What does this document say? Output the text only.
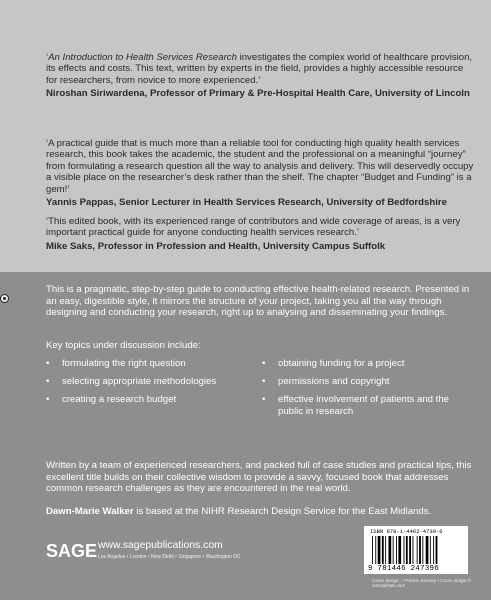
‘An Introduction to Health Services Research investigates the complex world of healthcare provision, its effects and costs. This text, written by experts in the field, provides a highly accessible resource for researchers, from novice to more experienced.’

Niroshan Siriwardena, Professor of Primary & Pre-Hospital Health Care, University of Lincoln

‘A practical guide that is much more than a reliable tool for conducting high quality health services research, this book takes the academic, the student and the professional on a meaningful “journey” from formulating a research question all the way to analysis and delivery. This will deservedly occupy a visible place on the researcher’s desk rather than the shelf. The chapter “Budget and Funding” is a gem!’

Yannis Pappas, Senior Lecturer in Health Services Research, University of Bedfordshire

‘This edited book, with its experienced range of contributors and wide coverage of areas, is a very important practical guide for anyone conducting health services research.’

Mike Saks, Professor in Profession and Health, University Campus Suffolk

This is a pragmatic, step-by-step guide to conducting effective health-related research. Presented in an easy, digestible style, it mirrors the structure of your project, taking you all the way through designing and conducting your research, right up to analysing and disseminating your findings.

Key topics under discussion include:

•	formulating the right question	•	obtaining funding for a project
•	selecting appropriate methodologies	•	permissions and copyright
•	creating a research budget	•	effective involvement of patients and the public in research

Written by a team of experienced researchers, and packed full of case studies and practical tips, this excellent title builds on their collective wisdom to provide a savvy, focused book that addresses common research challenges as they are encountered in the real world.

Dawn-Marie Walker is based at the NIHR Research Design Service for the East Midlands.

SAGE www.sagepublications.com
Los Angeles • London • New Delhi • Singapore • Washington DC
ISBN 978-1-4462-4739-6
9 781446 247396
Cover design – Francis Kenney • Cover image © istockphoto.com
